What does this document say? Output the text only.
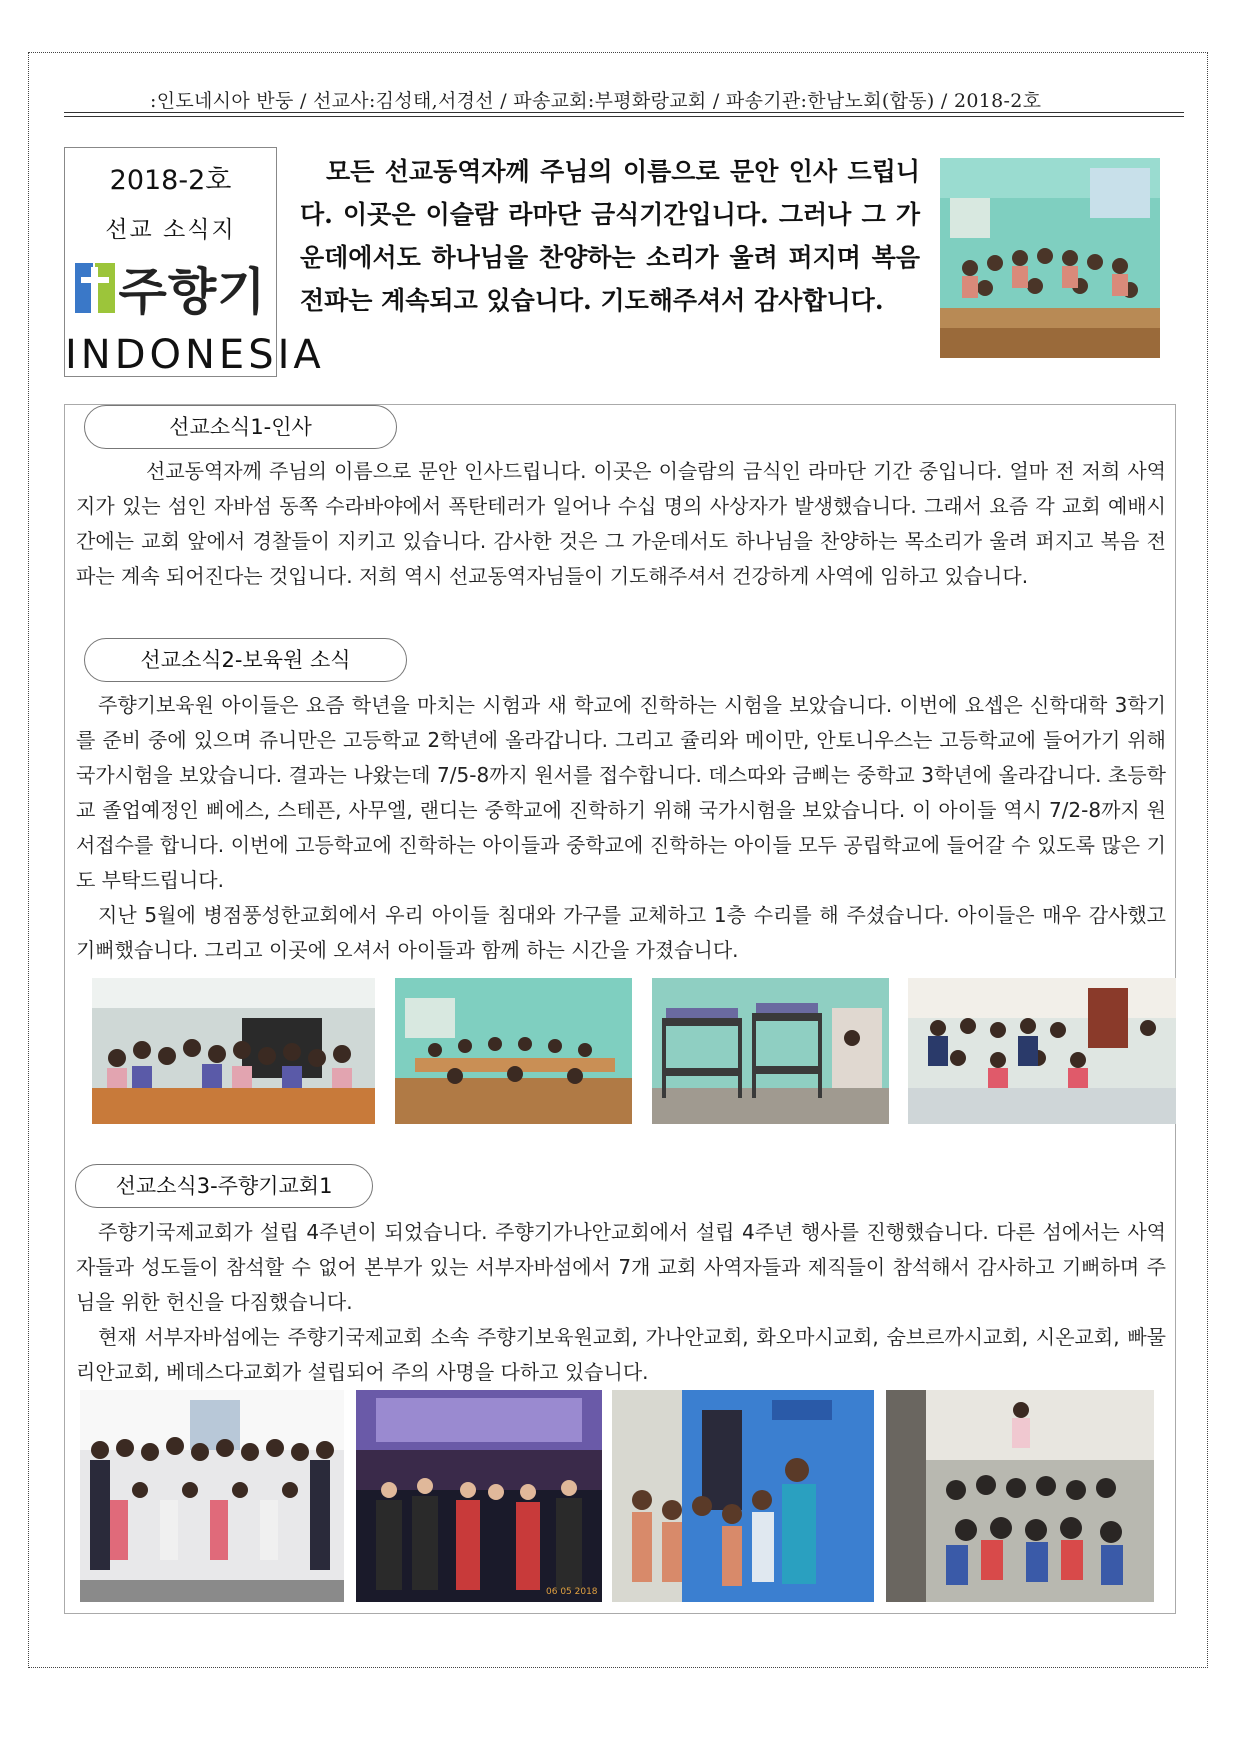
:인도네시아 반둥 / 선교사:김성태,서경선 / 파송교회:부평화랑교회 / 파송기관:한남노회(합동) / 2018-2호
2018-2호
선교 소식지
주향기
INDONESIA
모든 선교동역자께 주님의 이름으로 문안 인사 드립니다. 이곳은 이슬람 라마단 금식기간입니다. 그러나 그 가운데에서도 하나님을 찬양하는 소리가 울려 퍼지며 복음전파는 계속되고 있습니다. 기도해주셔서 감사합니다.
선교소식1-인사
선교동역자께 주님의 이름으로 문안 인사드립니다. 이곳은 이슬람의 금식인 라마단 기간 중입니다. 얼마 전 저희 사역지가 있는 섬인 자바섬 동쪽 수라바야에서 폭탄테러가 일어나 수십 명의 사상자가 발생했습니다. 그래서 요즘 각 교회 예배시간에는 교회 앞에서 경찰들이 지키고 있습니다. 감사한 것은 그 가운데서도 하나님을 찬양하는 목소리가 울려 퍼지고 복음 전파는 계속 되어진다는 것입니다. 저희 역시 선교동역자님들이 기도해주셔서 건강하게 사역에 임하고 있습니다.
선교소식2-보육원 소식
주향기보육원 아이들은 요즘 학년을 마치는 시험과 새 학교에 진학하는 시험을 보았습니다. 이번에 요셉은 신학대학 3학기를 준비 중에 있으며 쥬니만은 고등학교 2학년에 올라갑니다. 그리고 쥴리와 메이만, 안토니우스는 고등학교에 들어가기 위해 국가시험을 보았습니다. 결과는 나왔는데 7/5-8까지 원서를 접수합니다. 데스따와 금삐는 중학교 3학년에 올라갑니다. 초등학교 졸업예정인 삐에스, 스테픈, 사무엘, 랜디는 중학교에 진학하기 위해 국가시험을 보았습니다. 이 아이들 역시 7/2-8까지 원서접수를 합니다. 이번에 고등학교에 진학하는 아이들과 중학교에 진학하는 아이들 모두 공립학교에 들어갈 수 있도록 많은 기도 부탁드립니다.
지난 5월에 병점풍성한교회에서 우리 아이들 침대와 가구를 교체하고 1층 수리를 해 주셨습니다. 아이들은 매우 감사했고 기뻐했습니다. 그리고 이곳에 오셔서 아이들과 함께 하는 시간을 가졌습니다.
선교소식3-주향기교회1
주향기국제교회가 설립 4주년이 되었습니다. 주향기가나안교회에서 설립 4주년 행사를 진행했습니다. 다른 섬에서는 사역자들과 성도들이 참석할 수 없어 본부가 있는 서부자바섬에서 7개 교회 사역자들과 제직들이 참석해서 감사하고 기뻐하며 주님을 위한 헌신을 다짐했습니다.
현재 서부자바섬에는 주향기국제교회 소속 주향기보육원교회, 가나안교회, 화오마시교회, 숨브르까시교회, 시온교회, 빠물리안교회, 베데스다교회가 설립되어 주의 사명을 다하고 있습니다.
06 05 2018
